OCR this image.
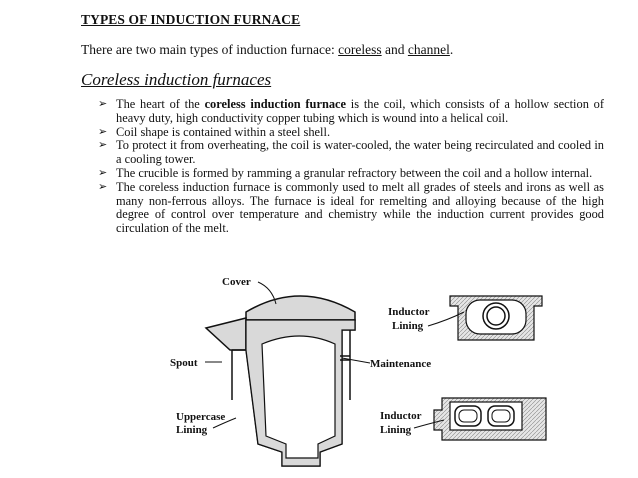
TYPES OF INDUCTION FURNACE
There are two main types of induction furnace: coreless and channel.
Coreless induction furnaces
➢ The heart of the coreless induction furnace is the coil, which consists of a hollow section of heavy duty, high conductivity copper tubing which is wound into a helical coil.
➢ Coil shape is contained within a steel shell.
➢ To protect it from overheating, the coil is water-cooled, the water being recirculated and cooled in a cooling tower.
➢ The crucible is formed by ramming a granular refractory between the coil and a hollow internal.
➢ The coreless induction furnace is commonly used to melt all grades of steels and irons as well as many non-ferrous alloys. The furnace is ideal for remelting and alloying because of the high degree of control over temperature and chemistry while the induction current provides good circulation of the melt.
Cover
Spout
Uppercase
Lining
Inductor
Lining
Maintenance
Inductor
Lining
